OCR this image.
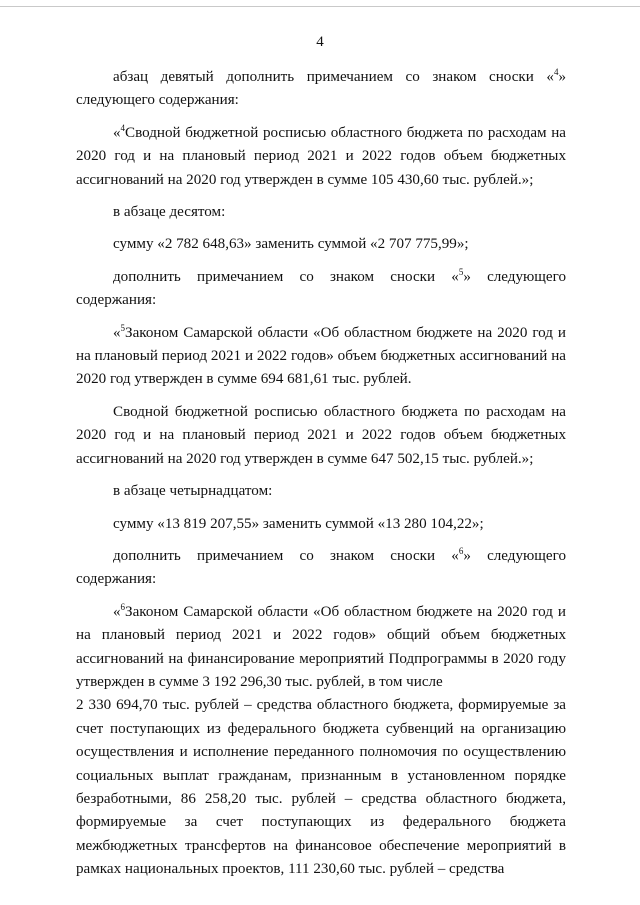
4

абзац девятый дополнить примечанием со знаком сноски «$^4$» следующего содержания:

«$^4$Сводной бюджетной росписью областного бюджета по расходам на 2020 год и на плановый период 2021 и 2022 годов объем бюджетных ассигнований на 2020 год утвержден в сумме 105 430,60 тыс. рублей.»;

в абзаце десятом:

сумму «2 782 648,63» заменить суммой «2 707 775,99»;

дополнить примечанием со знаком сноски «$^5$» следующего содержания:

«$^5$Законом Самарской области «Об областном бюджете на 2020 год и на плановый период 2021 и 2022 годов» объем бюджетных ассигнований на 2020 год утвержден в сумме 694 681,61 тыс. рублей.

Сводной бюджетной росписью областного бюджета по расходам на 2020 год и на плановый период 2021 и 2022 годов объем бюджетных ассигнований на 2020 год утвержден в сумме 647 502,15 тыс. рублей.»;

в абзаце четырнадцатом:

сумму «13 819 207,55» заменить суммой «13 280 104,22»;

дополнить примечанием со знаком сноски «$^6$» следующего содержания:

«$^6$Законом Самарской области «Об областном бюджете на 2020 год и на плановый период 2021 и 2022 годов» общий объем бюджетных ассигнований на финансирование мероприятий Подпрограммы в 2020 году утвержден в сумме 3 192 296,30 тыс. рублей, в том числе

2 330 694,70 тыс. рублей – средства областного бюджета, формируемые за счет поступающих из федерального бюджета субвенций на организацию осуществления и исполнение переданного полномочия по осуществлению социальных выплат гражданам, признанным в установленном порядке безработными, 86 258,20 тыс. рублей – средства областного бюджета, формируемые за счет поступающих из федерального бюджета межбюджетных трансфертов на финансовое обеспечение мероприятий в рамках национальных проектов, 111 230,60 тыс. рублей – средства
